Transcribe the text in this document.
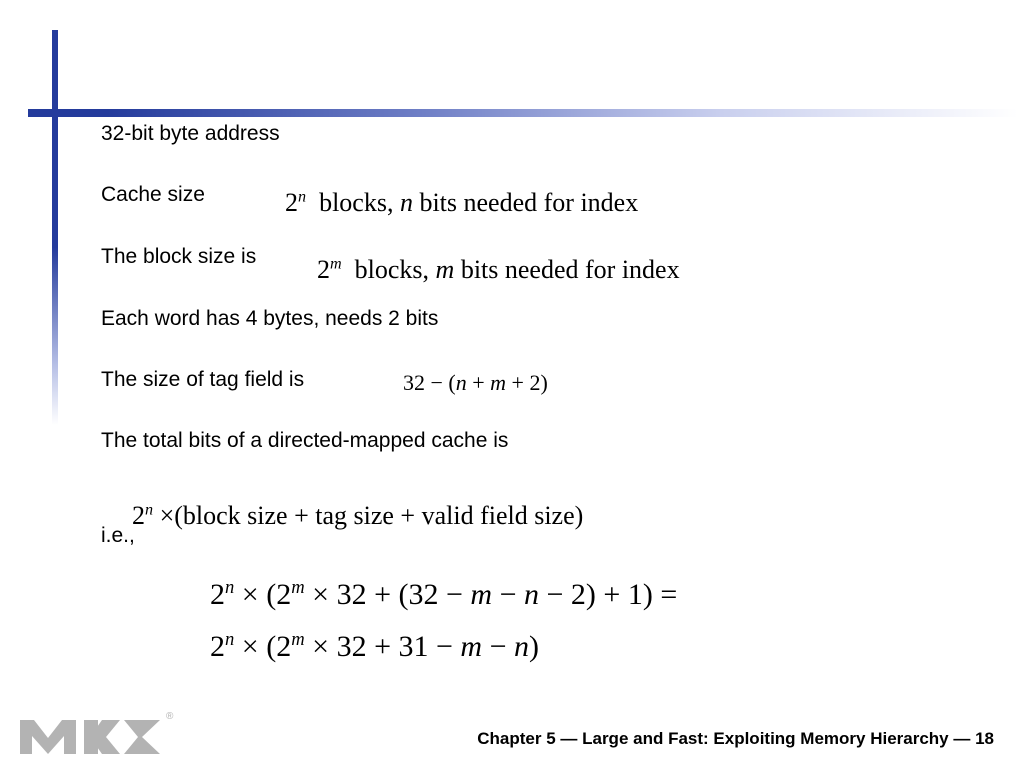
32-bit byte address
Cache size	2$^n$ blocks, n bits needed for index
The block size is 2$^m$ blocks, m bits needed for index
Each word has 4 bytes, needs 2 bits
The size of tag field is	32 − (n + m + 2)
The total bits of a directed-mapped cache is
i.e.,
$2^n$ ×(block size + tag size + valid field size)
$2^n \times (2^m \times 32 + (32 - m - n - 2) + 1)$ =
$2^n \times (2^m \times 32 + 31 - m - n)$
®
Chapter 5 — Large and Fast: Exploiting Memory Hierarchy — 18
